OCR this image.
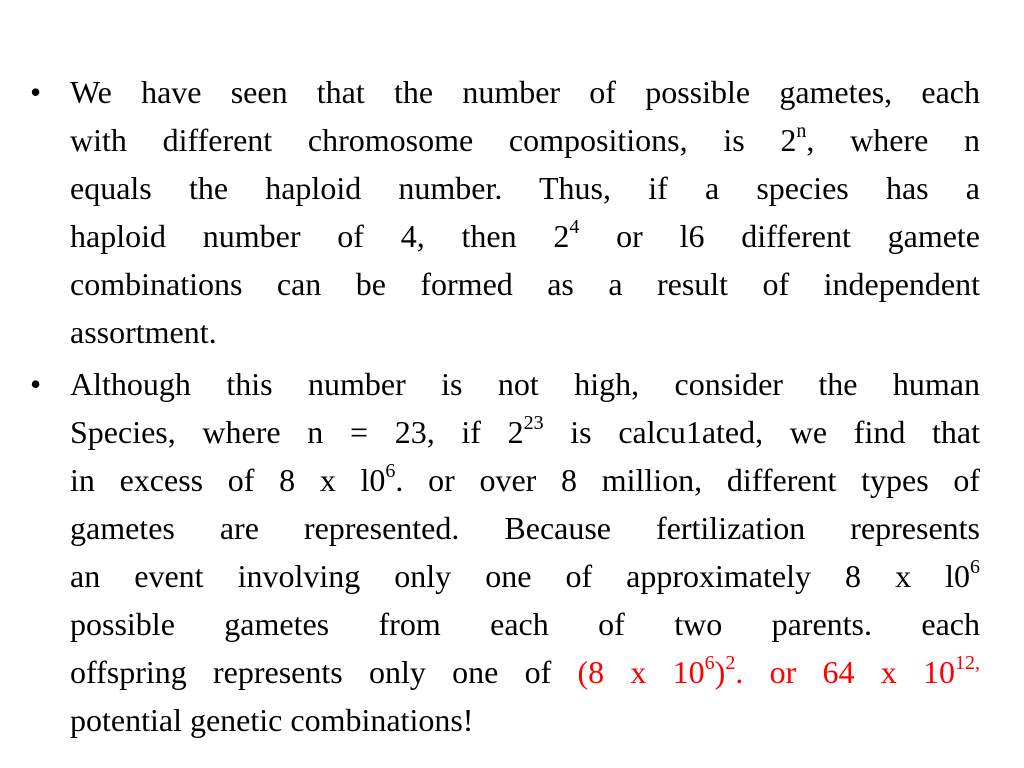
• We have seen that the number of possible gametes, each
with different chromosome compositions, is 2$^n$, where n
equals the haploid number. Thus, if a species has a
haploid number of 4, then $2^4$ or l6 different gamete
combinations can be formed as a result of independent
assortment.
• Although this number is not high, consider the human
Species, where n = 23, if $2^{23}$ is calcu1ated, we find that
in excess of 8 x $l0^6$. or over 8 million, different types of
gametes are represented. Because fertilization represents
an event involving only one of approximately 8 x $l0^6$
possible gametes from each of two parents. each
offspring represents only one of (8 x $10^6)^2$. or 64 x $10^{12,}$
potential genetic combinations!
